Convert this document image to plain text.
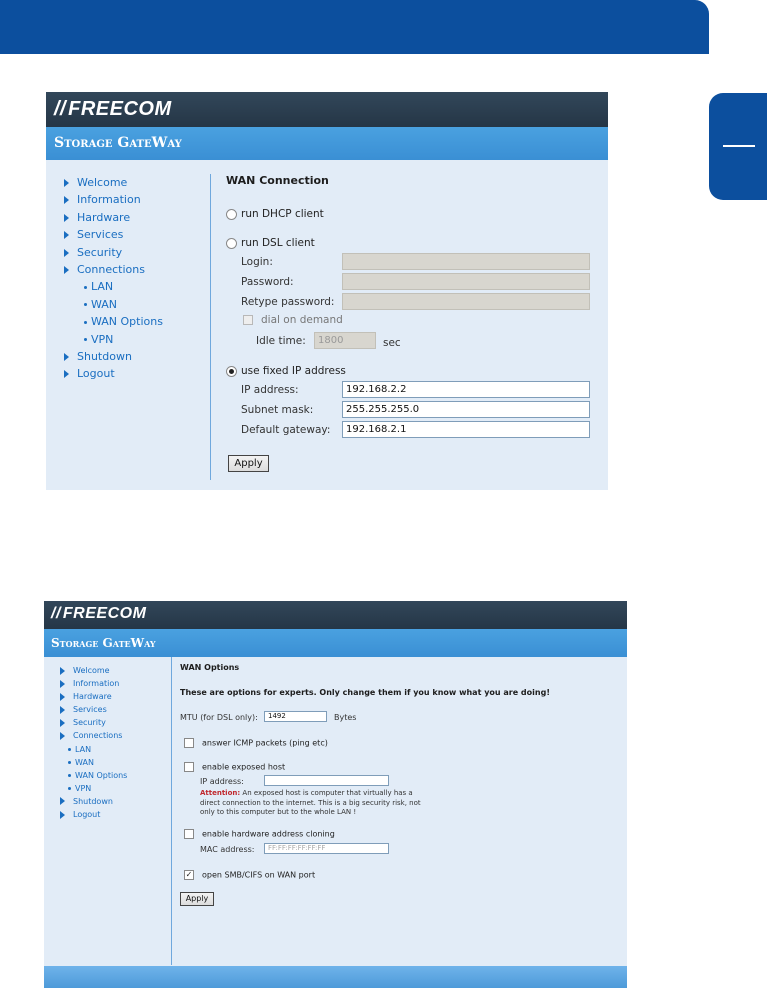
// FREECOM
Storage GateWay
Welcome
Information
Hardware
Services
Security
Connections
LAN
WAN
WAN Options
VPN
Shutdown
Logout
WAN Connection
run DHCP client
run DSL client
Login:
Password:
Retype password:
dial on demand
Idle time:	1800	sec
use fixed IP address
IP address:	192.168.2.2
Subnet mask:	255.255.255.0
Default gateway:	192.168.2.1
Apply
// FREECOM
Storage GateWay
Welcome
Information
Hardware
Services
Security
Connections
LAN
WAN
WAN Options
VPN
Shutdown
Logout
WAN Options
These are options for experts. Only change them if you know what you are doing!
MTU (for DSL only):	1492	Bytes
answer ICMP packets (ping etc)
enable exposed host
IP address:
Attention: An exposed host is computer that virtually has a
direct connection to the internet. This is a big security risk, not
only to this computer but to the whole LAN !
enable hardware address cloning
MAC address:	FF:FF:FF:FF:FF:FF
✓ open SMB/CIFS on WAN port
Apply
